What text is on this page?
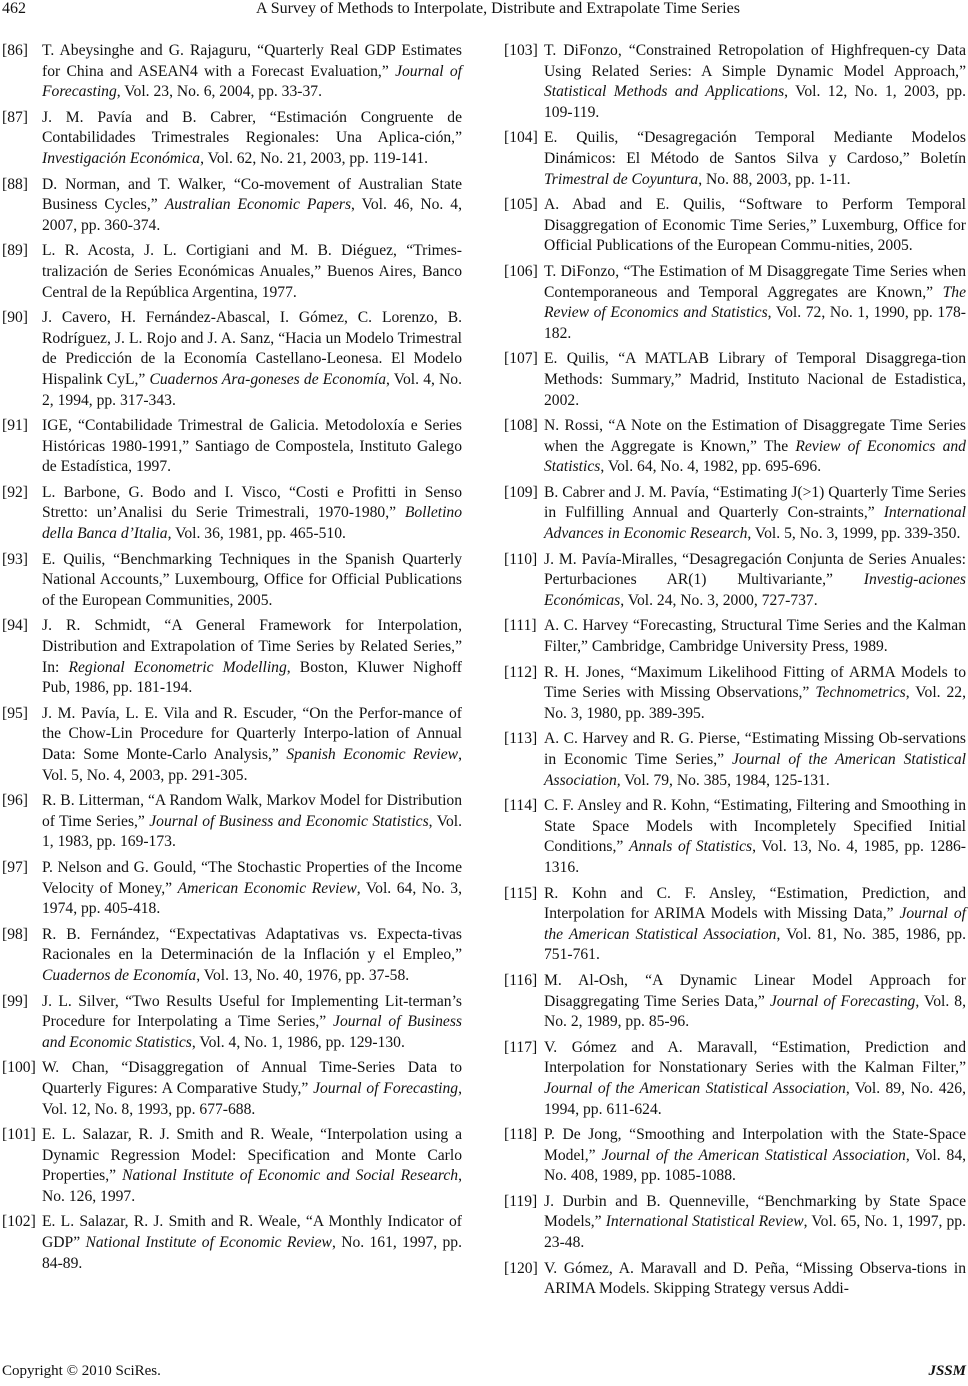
462	A Survey of Methods to Interpolate, Distribute and Extrapolate Time Series
[86] T. Abeysinghe and G. Rajaguru, “Quarterly Real GDP Estimates for China and ASEAN4 with a Forecast Evaluation,” Journal of Forecasting, Vol. 23, No. 6, 2004, pp. 33-37.
[87] J. M. Pavía and B. Cabrer, “Estimación Congruente de Contabilidades Trimestrales Regionales: Una Aplica-ción,” Investigación Económica, Vol. 62, No. 21, 2003, pp. 119-141.
[88] D. Norman, and T. Walker, “Co-movement of Australian State Business Cycles,” Australian Economic Papers, Vol. 46, No. 4, 2007, pp. 360-374.
[89] L. R. Acosta, J. L. Cortigiani and M. B. Diéguez, “Trimes-tralización de Series Económicas Anuales,” Buenos Aires, Banco Central de la República Argentina, 1977.
[90] J. Cavero, H. Fernández-Abascal, I. Gómez, C. Lorenzo, B. Rodríguez, J. L. Rojo and J. A. Sanz, “Hacia un Modelo Trimestral de Predicción de la Economía Castellano-Leonesa. El Modelo Hispalink CyL,” Cuadernos Ara-goneses de Economía, Vol. 4, No. 2, 1994, pp. 317-343.
[91] IGE, “Contabilidade Trimestral de Galicia. Metodoloxía e Series Históricas 1980-1991,” Santiago de Compostela, Instituto Galego de Estadística, 1997.
[92] L. Barbone, G. Bodo and I. Visco, “Costi e Profitti in Senso Stretto: un’Analisi du Serie Trimestrali, 1970-1980,” Bolletino della Banca d’Italia, Vol. 36, 1981, pp. 465-510.
[93] E. Quilis, “Benchmarking Techniques in the Spanish Quarterly National Accounts,” Luxembourg, Office for Official Publications of the European Communities, 2005.
[94] J. R. Schmidt, “A General Framework for Interpolation, Distribution and Extrapolation of Time Series by Related Series,” In: Regional Econometric Modelling, Boston, Kluwer Nighoff Pub, 1986, pp. 181-194.
[95] J. M. Pavía, L. E. Vila and R. Escuder, “On the Perfor-mance of the Chow-Lin Procedure for Quarterly Interpo-lation of Annual Data: Some Monte-Carlo Analysis,” Spanish Economic Review, Vol. 5, No. 4, 2003, pp. 291-305.
[96] R. B. Litterman, “A Random Walk, Markov Model for Distribution of Time Series,” Journal of Business and Economic Statistics, Vol. 1, 1983, pp. 169-173.
[97] P. Nelson and G. Gould, “The Stochastic Properties of the Income Velocity of Money,” American Economic Review, Vol. 64, No. 3, 1974, pp. 405-418.
[98] R. B. Fernández, “Expectativas Adaptativas vs. Expecta-tivas Racionales en la Determinación de la Inflación y el Empleo,” Cuadernos de Economía, Vol. 13, No. 40, 1976, pp. 37-58.
[99] J. L. Silver, “Two Results Useful for Implementing Lit-terman’s Procedure for Interpolating a Time Series,” Journal of Business and Economic Statistics, Vol. 4, No. 1, 1986, pp. 129-130.
[100] W. Chan, “Disaggregation of Annual Time-Series Data to Quarterly Figures: A Comparative Study,” Journal of Forecasting, Vol. 12, No. 8, 1993, pp. 677-688.
[101] E. L. Salazar, R. J. Smith and R. Weale, “Interpolation using a Dynamic Regression Model: Specification and Monte Carlo Properties,” National Institute of Economic and Social Research, No. 126, 1997.
[102] E. L. Salazar, R. J. Smith and R. Weale, “A Monthly Indicator of GDP” National Institute of Economic Review, No. 161, 1997, pp. 84-89.
[103] T. DiFonzo, “Constrained Retropolation of Highfrequen-cy Data Using Related Series: A Simple Dynamic Model Approach,” Statistical Methods and Applications, Vol. 12, No. 1, 2003, pp. 109-119.
[104] E. Quilis, “Desagregación Temporal Mediante Modelos Dinámicos: El Método de Santos Silva y Cardoso,” Boletín Trimestral de Coyuntura, No. 88, 2003, pp. 1-11.
[105] A. Abad and E. Quilis, “Software to Perform Temporal Disaggregation of Economic Time Series,” Luxemburg, Office for Official Publications of the European Commu-nities, 2005.
[106] T. DiFonzo, “The Estimation of M Disaggregate Time Series when Contemporaneous and Temporal Aggregates are Known,” The Review of Economics and Statistics, Vol. 72, No. 1, 1990, pp. 178-182.
[107] E. Quilis, “A MATLAB Library of Temporal Disaggrega-tion Methods: Summary,” Madrid, Instituto Nacional de Estadistica, 2002.
[108] N. Rossi, “A Note on the Estimation of Disaggregate Time Series when the Aggregate is Known,” The Review of Economics and Statistics, Vol. 64, No. 4, 1982, pp. 695-696.
[109] B. Cabrer and J. M. Pavía, “Estimating J(>1) Quarterly Time Series in Fulfilling Annual and Quarterly Con-straints,” International Advances in Economic Research, Vol. 5, No. 3, 1999, pp. 339-350.
[110] J. M. Pavía-Miralles, “Desagregación Conjunta de Series Anuales: Perturbaciones AR(1) Multivariante,” Investig-aciones Económicas, Vol. 24, No. 3, 2000, 727-737.
[111] A. C. Harvey “Forecasting, Structural Time Series and the Kalman Filter,” Cambridge, Cambridge University Press, 1989.
[112] R. H. Jones, “Maximum Likelihood Fitting of ARMA Models to Time Series with Missing Observations,” Technometrics, Vol. 22, No. 3, 1980, pp. 389-395.
[113] A. C. Harvey and R. G. Pierse, “Estimating Missing Ob-servations in Economic Time Series,” Journal of the American Statistical Association, Vol. 79, No. 385, 1984, 125-131.
[114] C. F. Ansley and R. Kohn, “Estimating, Filtering and Smoothing in State Space Models with Incompletely Specified Initial Conditions,” Annals of Statistics, Vol. 13, No. 4, 1985, pp. 1286-1316.
[115] R. Kohn and C. F. Ansley, “Estimation, Prediction, and Interpolation for ARIMA Models with Missing Data,” Journal of the American Statistical Association, Vol. 81, No. 385, 1986, pp. 751-761.
[116] M. Al-Osh, “A Dynamic Linear Model Approach for Disaggregating Time Series Data,” Journal of Forecasting, Vol. 8, No. 2, 1989, pp. 85-96.
[117] V. Gómez and A. Maravall, “Estimation, Prediction and Interpolation for Nonstationary Series with the Kalman Filter,” Journal of the American Statistical Association, Vol. 89, No. 426, 1994, pp. 611-624.
[118] P. De Jong, “Smoothing and Interpolation with the State-Space Model,” Journal of the American Statistical Association, Vol. 84, No. 408, 1989, pp. 1085-1088.
[119] J. Durbin and B. Quenneville, “Benchmarking by State Space Models,” International Statistical Review, Vol. 65, No. 1, 1997, pp. 23-48.
[120] V. Gómez, A. Maravall and D. Peña, “Missing Observa-tions in ARIMA Models. Skipping Strategy versus Addi-
Copyright © 2010 SciRes.	JSSM
